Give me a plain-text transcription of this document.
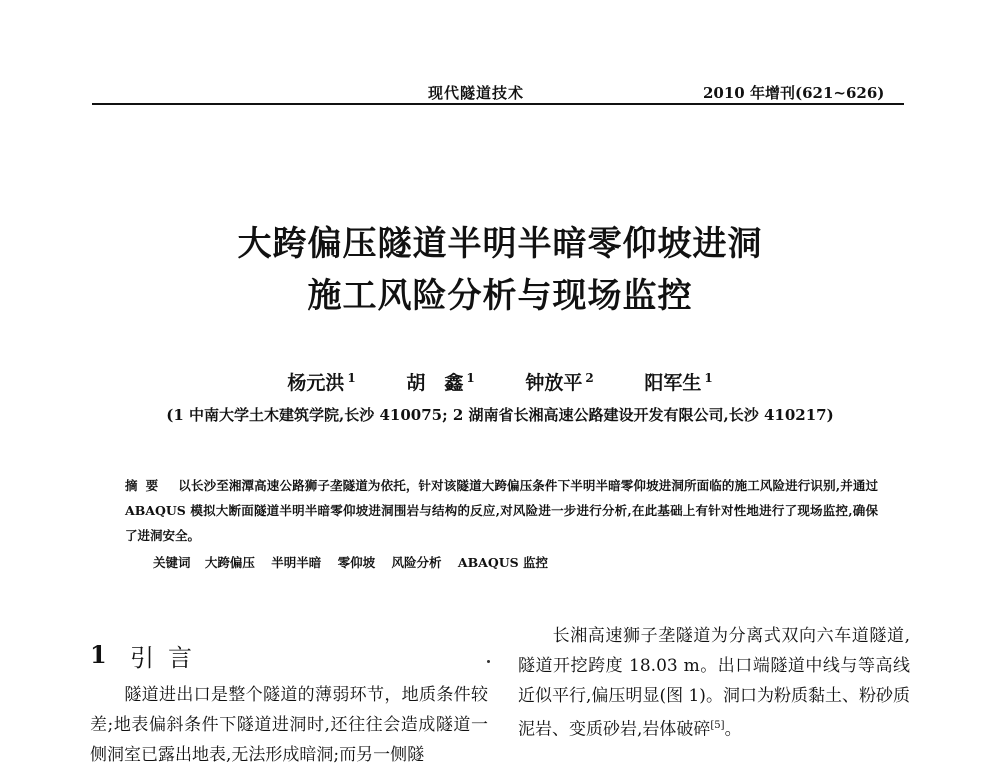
现代隧道技术	2010 年增刊(621~626)
大跨偏压隧道半明半暗零仰坡进洞
施工风险分析与现场监控
杨元洪 $^1$	胡　鑫 $^1$	钟放平 $^2$	阳军生 $^1$
(1 中南大学土木建筑学院,长沙 410075; 2 湖南省长湘高速公路建设开发有限公司,长沙 410217)
摘要 以长沙至湘潭高速公路狮子垄隧道为依托，针对该隧道大跨偏压条件下半明半暗零仰坡进洞所面临的施工风险进行识别,并通过 ABAQUS 模拟大断面隧道半明半暗零仰坡进洞围岩与结构的反应,对风险进一步进行分析,在此基础上有针对性地进行了现场监控,确保了进洞安全。
关键词 大跨偏压 半明半暗 零仰坡 风险分析 ABAQUS 监控
1 引言
隧道进出口是整个隧道的薄弱环节，地质条件较差;地表偏斜条件下隧道进洞时,还往往会造成隧道一侧洞室已露出地表,无法形成暗洞;而另一侧隧
长湘高速狮子垄隧道为分离式双向六车道隧道,隧道开挖跨度 18.03 m。出口端隧道中线与等高线近似平行,偏压明显(图 1)。洞口为粉质黏土、粉砂质泥岩、变质砂岩,岩体破碎[5]。
